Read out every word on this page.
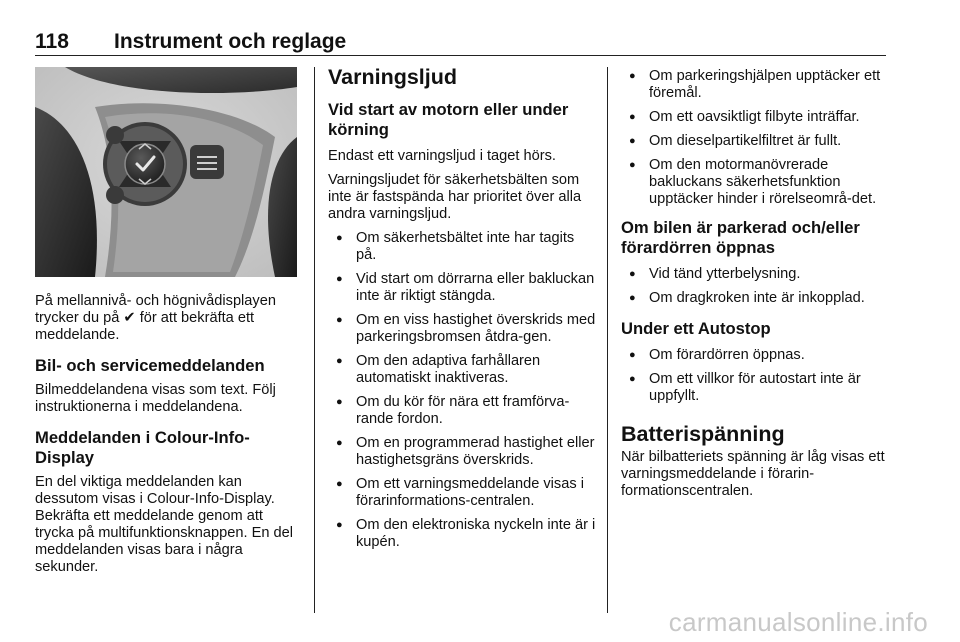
118 Instrument och reglage

På mellannivå- och högnivådisplayen trycker du på ✔ för att bekräfta ett meddelande.

Bil- och servicemeddelanden

Bilmeddelandena visas som text. Följ instruktionerna i meddelandena.

Meddelanden i Colour-Info-Display

En del viktiga meddelanden kan dessutom visas i Colour-Info-Display. Bekräfta ett meddelande genom att trycka på multifunktionsknappen. En del meddelanden visas bara i några sekunder.

Varningsljud
Vid start av motorn eller under körning

Endast ett varningsljud i taget hörs.

Varningsljudet för säkerhetsbälten som inte är fastspända har prioritet över alla andra varningsljud.

● Om säkerhetsbältet inte har tagits på.
● Vid start om dörrarna eller bakluckan inte är riktigt stängda.
● Om en viss hastighet överskrids med parkeringsbromsen åtdra-gen.
● Om den adaptiva farhållaren automatiskt inaktiveras.
● Om du kör för nära ett framförva-rande fordon.
● Om en programmerad hastighet eller hastighetsgräns överskrids.
● Om ett varningsmeddelande visas i förarinformations-centralen.
● Om den elektroniska nyckeln inte är i kupén.
● Om parkeringshjälpen upptäcker ett föremål.
● Om ett oavsiktligt filbyte inträffar.
● Om dieselpartikelfiltret är fullt.
● Om den motormanövrerade bakluckans säkerhetsfunktion upptäcker hinder i rörelseområ-det.
Om bilen är parkerad och/eller förardörren öppnas
● Vid tänd ytterbelysning.
● Om dragkroken inte är inkopplad.
Under ett Autostop
● Om förardörren öppnas.
● Om ett villkor för autostart inte är uppfyllt.
Batterispänning

När bilbatteriets spänning är låg visas ett varningsmeddelande i förarin-formationscentralen.

carmanualsonline.info
